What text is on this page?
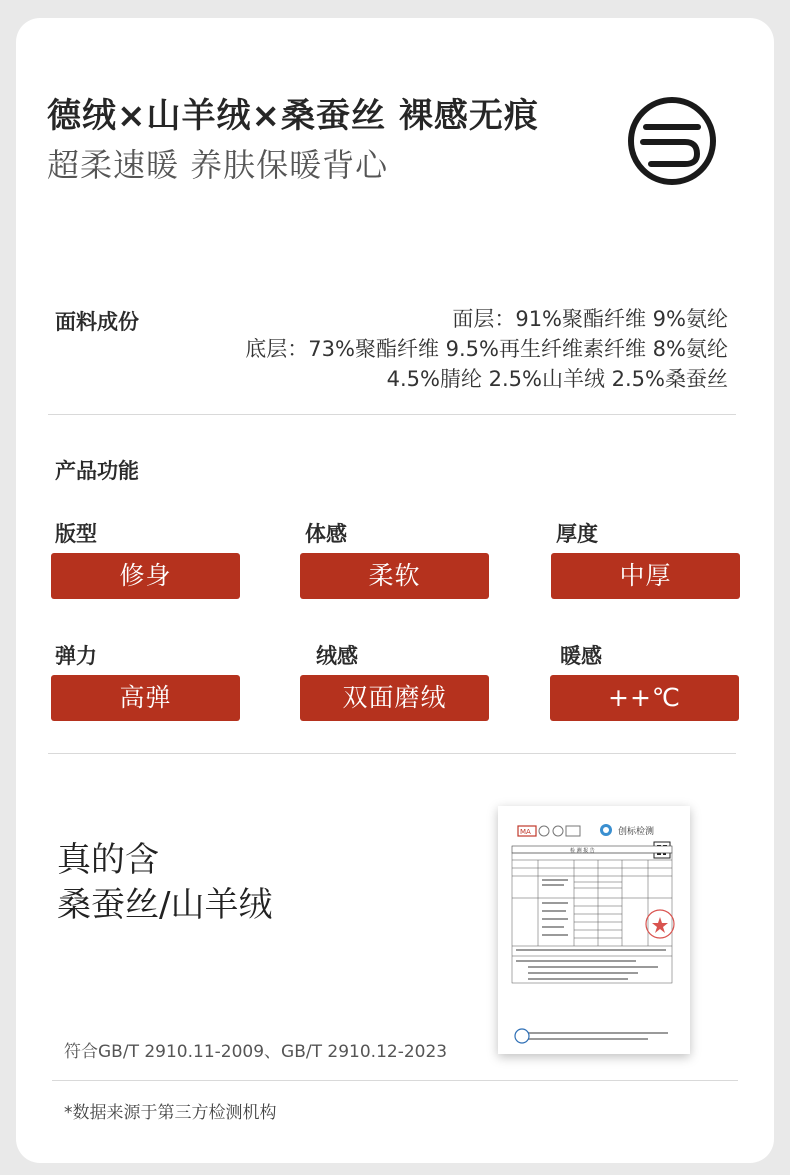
德绒×山羊绒×桑蚕丝 裸感无痕
超柔速暖 养肤保暖背心
面料成份	面层：91%聚酯纤维 9%氨纶
底层：73%聚酯纤维 9.5%再生纤维素纤维 8%氨纶
4.5%腈纶 2.5%山羊绒 2.5%桑蚕丝
产品功能
版型
修身
体感
柔软
厚度
中厚
弹力
高弹
绒感
双面磨绒
暖感
++℃
真的含
桑蚕丝/山羊绒
符合GB/T 2910.11-2009、GB/T 2910.12-2023
MA	创标检测
检 测 报 告
*数据来源于第三方检测机构
